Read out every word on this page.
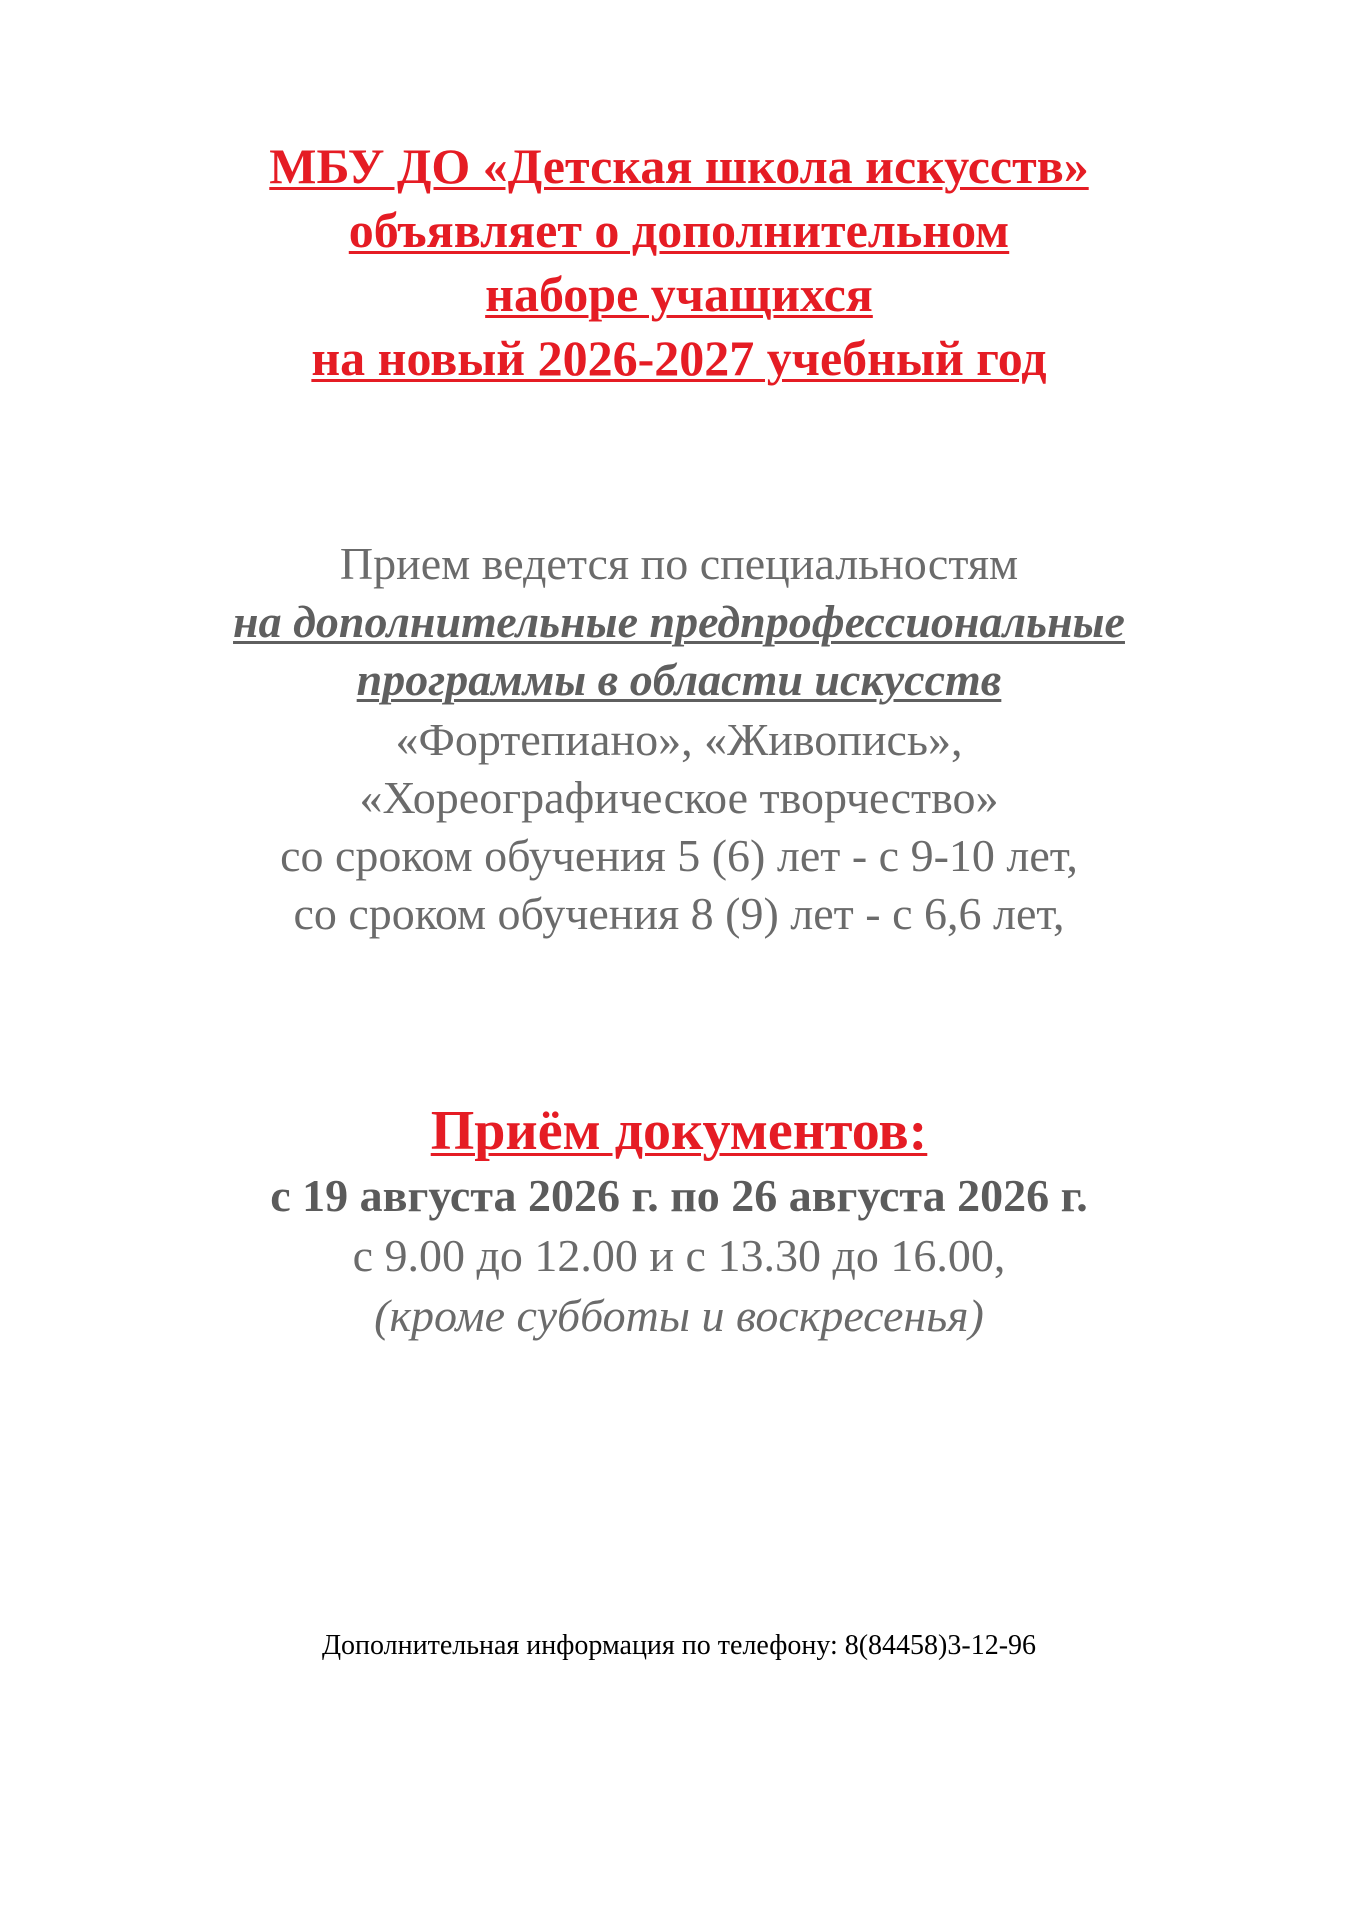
МБУ ДО «Детская школа искусств»
объявляет о дополнительном
наборе учащихся
на новый 2026-2027 учебный год
Прием ведется по специальностям
на дополнительные предпрофессиональные
программы в области искусств
«Фортепиано», «Живопись»,
«Хореографическое творчество»
со сроком обучения 5 (6) лет - с 9-10 лет,
со сроком обучения 8 (9) лет - с 6,6 лет,
Приём документов:
с 19 августа 2026 г. по 26 августа 2026 г.
с 9.00 до 12.00 и с 13.30 до 16.00,
(кроме субботы и воскресенья)
Дополнительная информация по телефону: 8(84458)3-12-96
